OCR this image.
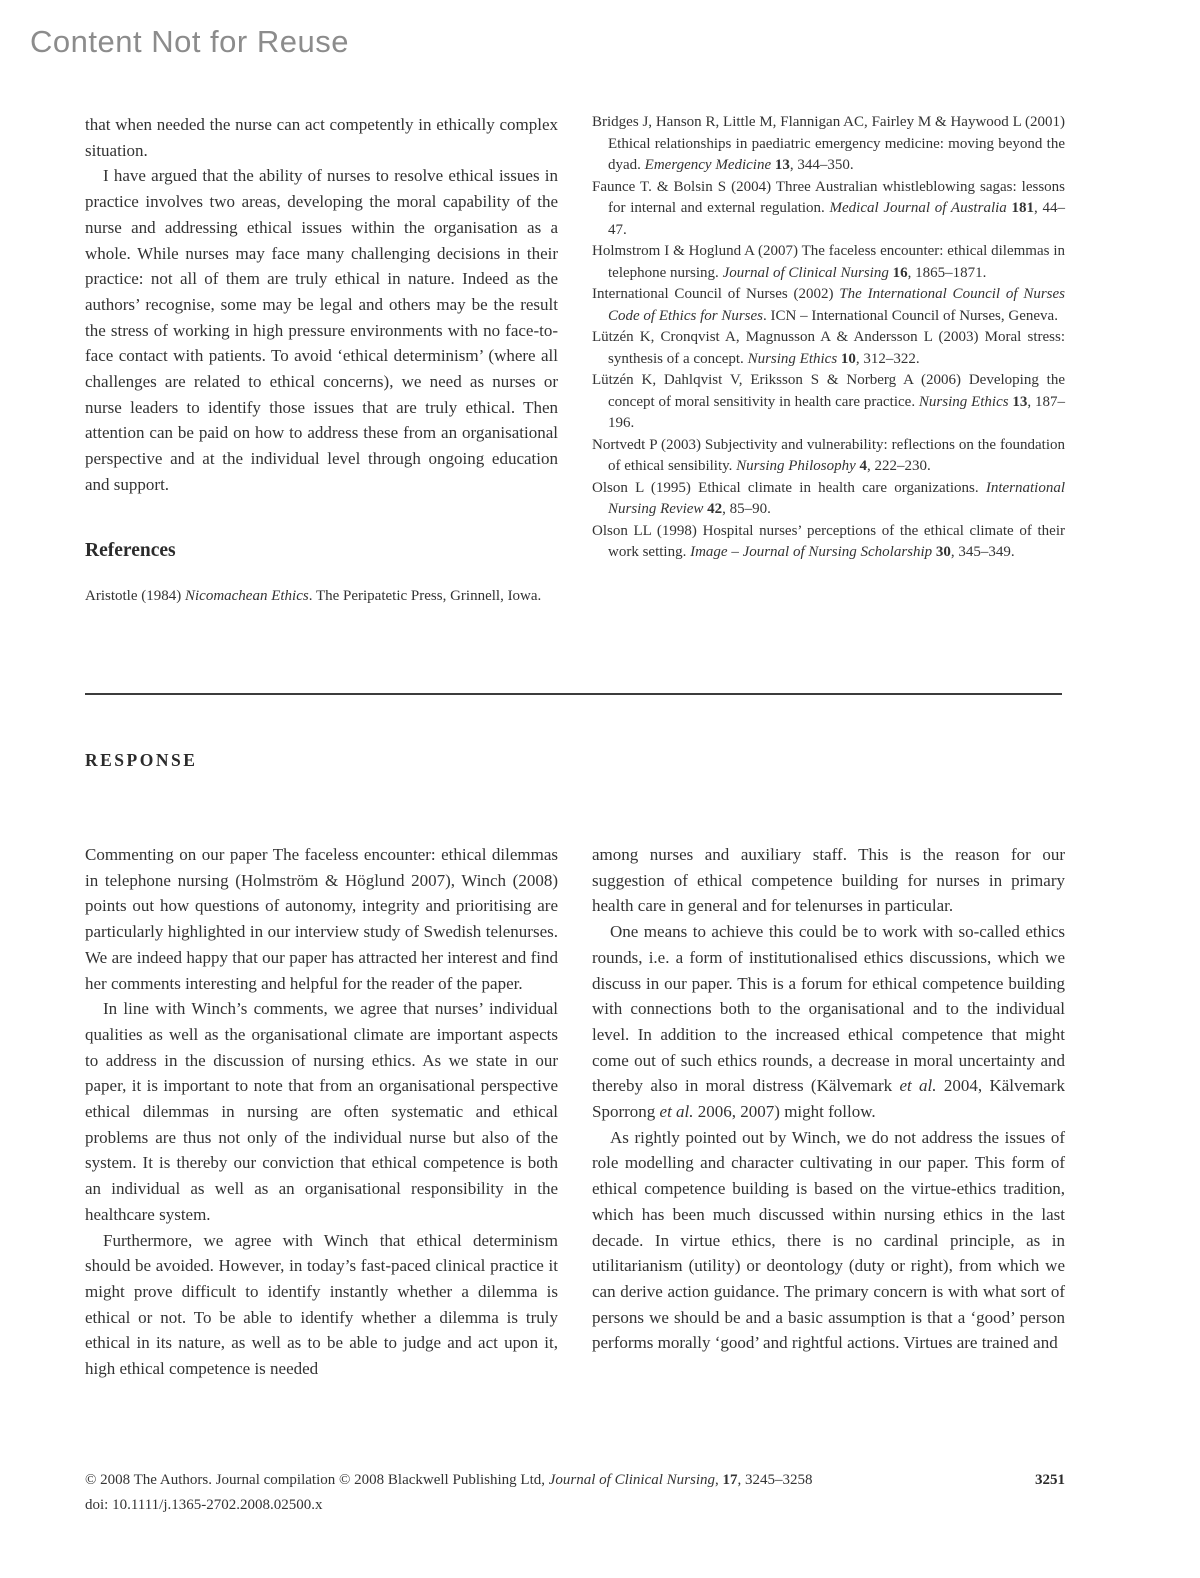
Content Not for Reuse

that when needed the nurse can act competently in ethically complex situation.

I have argued that the ability of nurses to resolve ethical issues in practice involves two areas, developing the moral capability of the nurse and addressing ethical issues within the organisation as a whole. While nurses may face many challenging decisions in their practice: not all of them are truly ethical in nature. Indeed as the authors’ recognise, some may be legal and others may be the result the stress of working in high pressure environments with no face-to-face contact with patients. To avoid ‘ethical determinism’ (where all challenges are related to ethical concerns), we need as nurses or nurse leaders to identify those issues that are truly ethical. Then attention can be paid on how to address these from an organisational perspective and at the individual level through ongoing education and support.

References

Aristotle (1984) Nicomachean Ethics. The Peripatetic Press, Grinnell, Iowa.

Bridges J, Hanson R, Little M, Flannigan AC, Fairley M & Haywood L (2001) Ethical relationships in paediatric emergency medicine: moving beyond the dyad. Emergency Medicine 13, 344–350.

Faunce T. & Bolsin S (2004) Three Australian whistleblowing sagas: lessons for internal and external regulation. Medical Journal of Australia 181, 44–47.

Holmstrom I & Hoglund A (2007) The faceless encounter: ethical dilemmas in telephone nursing. Journal of Clinical Nursing 16, 1865–1871.

International Council of Nurses (2002) The International Council of Nurses Code of Ethics for Nurses. ICN – International Council of Nurses, Geneva.

Lützén K, Cronqvist A, Magnusson A & Andersson L (2003) Moral stress: synthesis of a concept. Nursing Ethics 10, 312–322.

Lützén K, Dahlqvist V, Eriksson S & Norberg A (2006) Developing the concept of moral sensitivity in health care practice. Nursing Ethics 13, 187–196.

Nortvedt P (2003) Subjectivity and vulnerability: reflections on the foundation of ethical sensibility. Nursing Philosophy 4, 222–230.

Olson L (1995) Ethical climate in health care organizations. International Nursing Review 42, 85–90.

Olson LL (1998) Hospital nurses’ perceptions of the ethical climate of their work setting. Image – Journal of Nursing Scholarship 30, 345–349.

RESPONSE

Commenting on our paper The faceless encounter: ethical dilemmas in telephone nursing (Holmström & Höglund 2007), Winch (2008) points out how questions of autonomy, integrity and prioritising are particularly highlighted in our interview study of Swedish telenurses. We are indeed happy that our paper has attracted her interest and find her comments interesting and helpful for the reader of the paper.

In line with Winch’s comments, we agree that nurses’ individual qualities as well as the organisational climate are important aspects to address in the discussion of nursing ethics. As we state in our paper, it is important to note that from an organisational perspective ethical dilemmas in nursing are often systematic and ethical problems are thus not only of the individual nurse but also of the system. It is thereby our conviction that ethical competence is both an individual as well as an organisational responsibility in the healthcare system.

Furthermore, we agree with Winch that ethical determinism should be avoided. However, in today’s fast-paced clinical practice it might prove difficult to identify instantly whether a dilemma is ethical or not. To be able to identify whether a dilemma is truly ethical in its nature, as well as to be able to judge and act upon it, high ethical competence is needed

among nurses and auxiliary staff. This is the reason for our suggestion of ethical competence building for nurses in primary health care in general and for telenurses in particular.

One means to achieve this could be to work with so-called ethics rounds, i.e. a form of institutionalised ethics discussions, which we discuss in our paper. This is a forum for ethical competence building with connections both to the organisational and to the individual level. In addition to the increased ethical competence that might come out of such ethics rounds, a decrease in moral uncertainty and thereby also in moral distress (Kälvemark et al. 2004, Kälvemark Sporrong et al. 2006, 2007) might follow.

As rightly pointed out by Winch, we do not address the issues of role modelling and character cultivating in our paper. This form of ethical competence building is based on the virtue-ethics tradition, which has been much discussed within nursing ethics in the last decade. In virtue ethics, there is no cardinal principle, as in utilitarianism (utility) or deontology (duty or right), from which we can derive action guidance. The primary concern is with what sort of persons we should be and a basic assumption is that a ‘good’ person performs morally ‘good’ and rightful actions. Virtues are trained and

© 2008 The Authors. Journal compilation © 2008 Blackwell Publishing Ltd, Journal of Clinical Nursing, 17, 3245–3258

doi: 10.1111/j.1365-2702.2008.02500.x

3251
